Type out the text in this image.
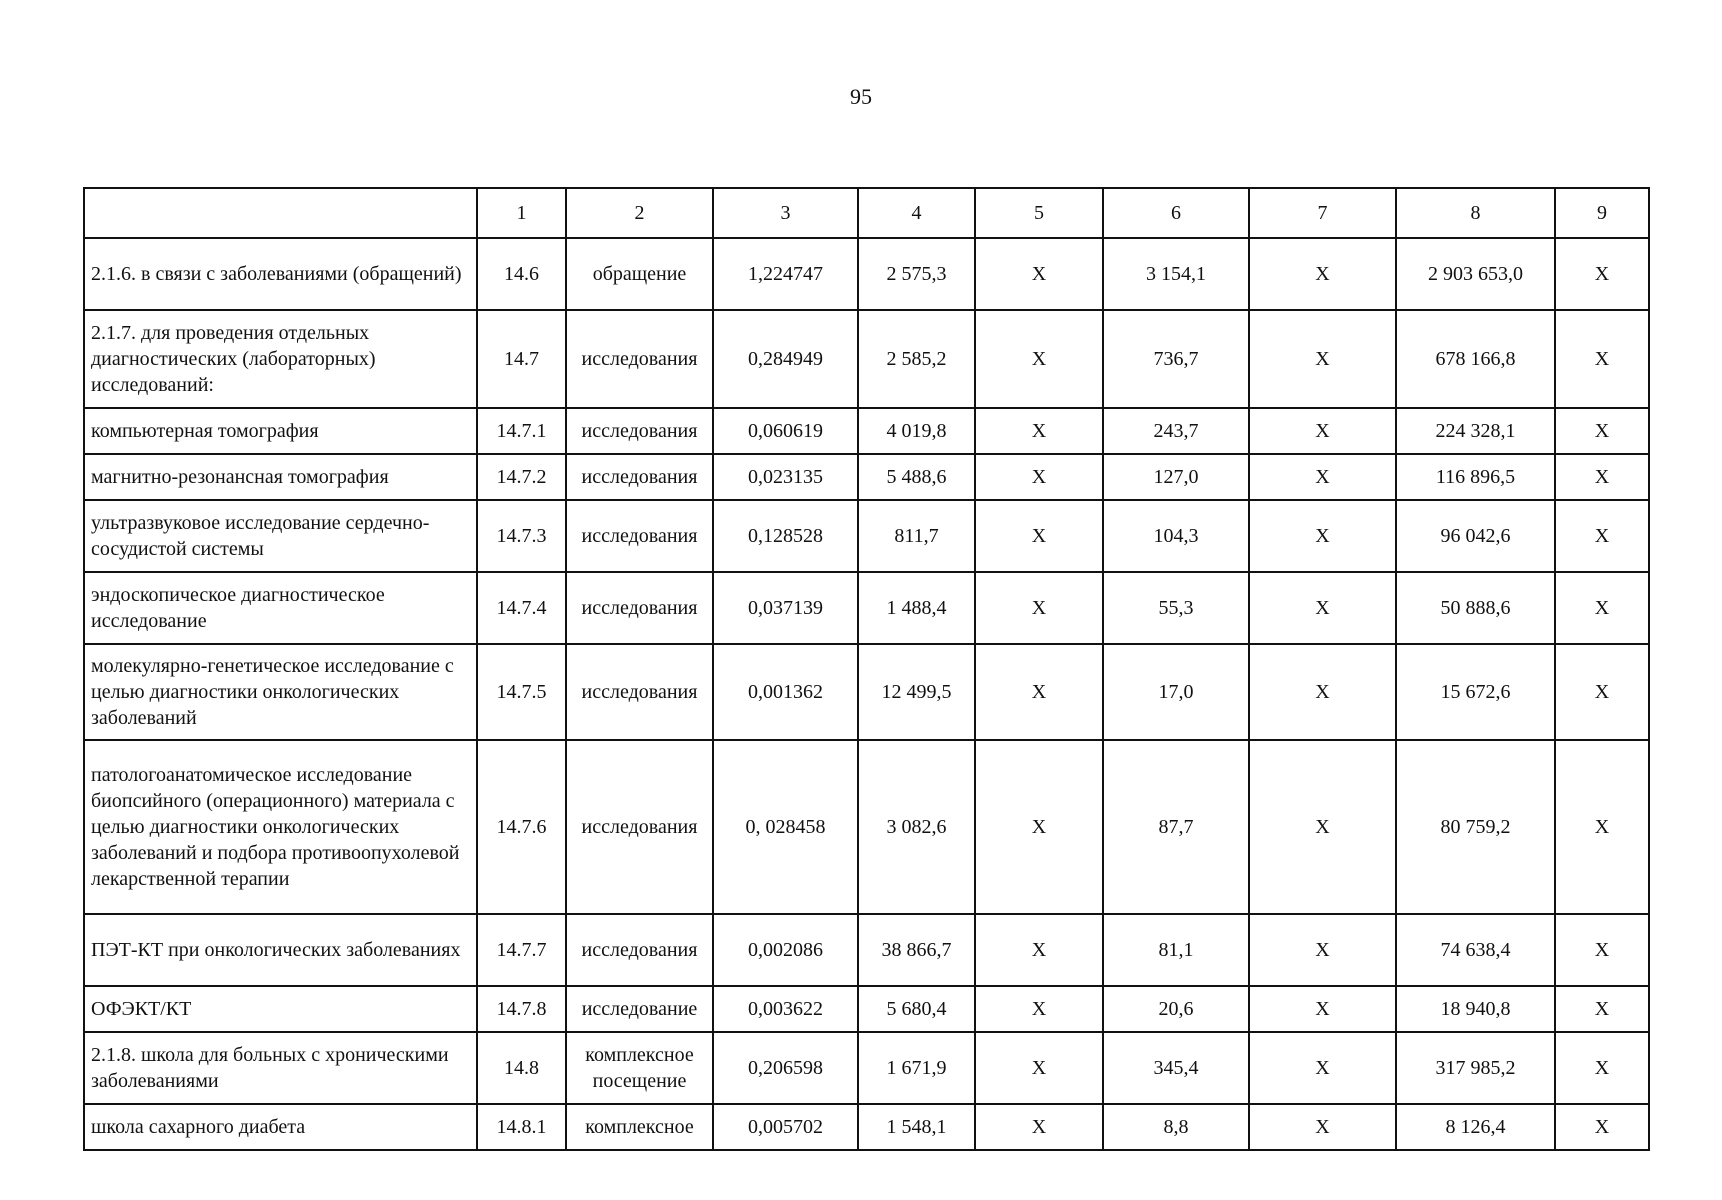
95
	1	2	3	4	5	6	7	8	9
2.1.6. в связи с заболеваниями (обращений)	14.6	обращение	1,224747	2 575,3	X	3 154,1	X	2 903 653,0	X
2.1.7. для проведения отдельных диагностических (лабораторных) исследований:	14.7	исследования	0,284949	2 585,2	X	736,7	X	678 166,8	X
компьютерная томография	14.7.1	исследования	0,060619	4 019,8	X	243,7	X	224 328,1	X
магнитно-резонансная томография	14.7.2	исследования	0,023135	5 488,6	X	127,0	X	116 896,5	X
ультразвуковое исследование сердечно-сосудистой системы	14.7.3	исследования	0,128528	811,7	X	104,3	X	96 042,6	X
эндоскопическое диагностическое исследование	14.7.4	исследования	0,037139	1 488,4	X	55,3	X	50 888,6	X
молекулярно-генетическое исследование с целью диагностики онкологических заболеваний	14.7.5	исследования	0,001362	12 499,5	X	17,0	X	15 672,6	X
патологоанатомическое исследование биопсийного (операционного) материала с целью диагностики онкологических заболеваний и подбора противоопухолевой лекарственной терапии	14.7.6	исследования	0, 028458	3 082,6	X	87,7	X	80 759,2	X
ПЭТ-КТ при онкологических заболеваниях	14.7.7	исследования	0,002086	38 866,7	X	81,1	X	74 638,4	X
ОФЭКТ/КТ	14.7.8	исследование	0,003622	5 680,4	X	20,6	X	18 940,8	X
2.1.8. школа для больных с хроническими заболеваниями	14.8	комплексное посещение	0,206598	1 671,9	X	345,4	X	317 985,2	X
школа сахарного диабета	14.8.1	комплексное	0,005702	1 548,1	X	8,8	X	8 126,4	X
